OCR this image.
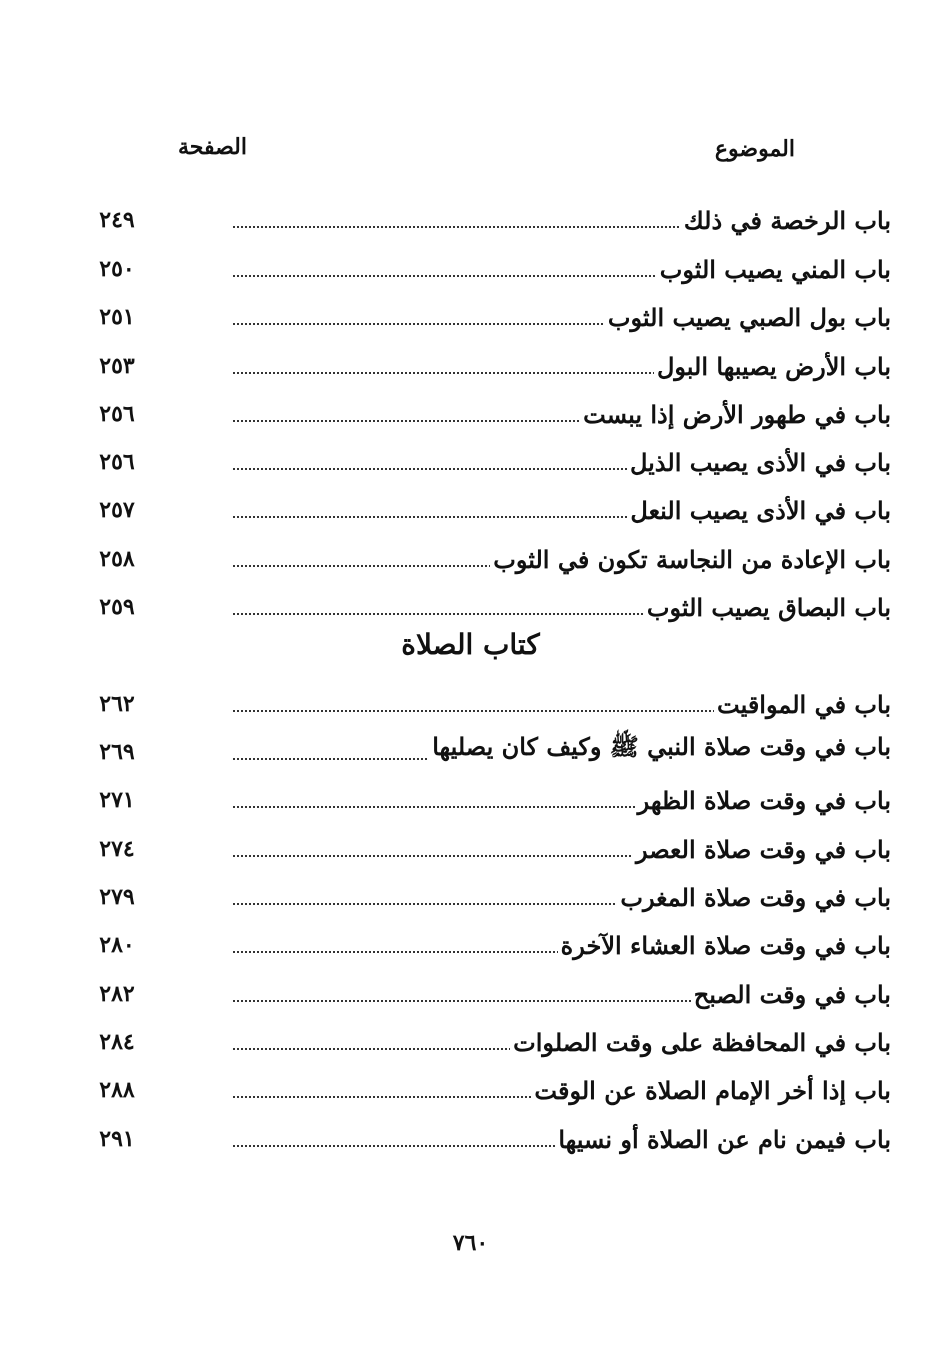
الموضوع
الصفحة
باب الرخصة في ذلك
٢٤٩
باب المني يصيب الثوب
٢٥٠
باب بول الصبي يصيب الثوب
٢٥١
باب الأرض يصيبها البول
٢٥٣
باب في طهور الأرض إذا يبست
٢٥٦
باب في الأذى يصيب الذيل
٢٥٦
باب في الأذى يصيب النعل
٢٥٧
باب الإعادة من النجاسة تكون في الثوب
٢٥٨
باب البصاق يصيب الثوب
٢٥٩
كتاب الصلاة
باب في المواقيت
٢٦٢
باب في وقت صلاة النبي ﷺ وكيف كان يصليها
٢٦٩
باب في وقت صلاة الظهر
٢٧١
باب في وقت صلاة العصر
٢٧٤
باب في وقت صلاة المغرب
٢٧٩
باب في وقت صلاة العشاء الآخرة
٢٨٠
باب في وقت الصبح
٢٨٢
باب في المحافظة على وقت الصلوات
٢٨٤
باب إذا أخر الإمام الصلاة عن الوقت
٢٨٨
باب فيمن نام عن الصلاة أو نسيها
٢٩١
٧٦٠
